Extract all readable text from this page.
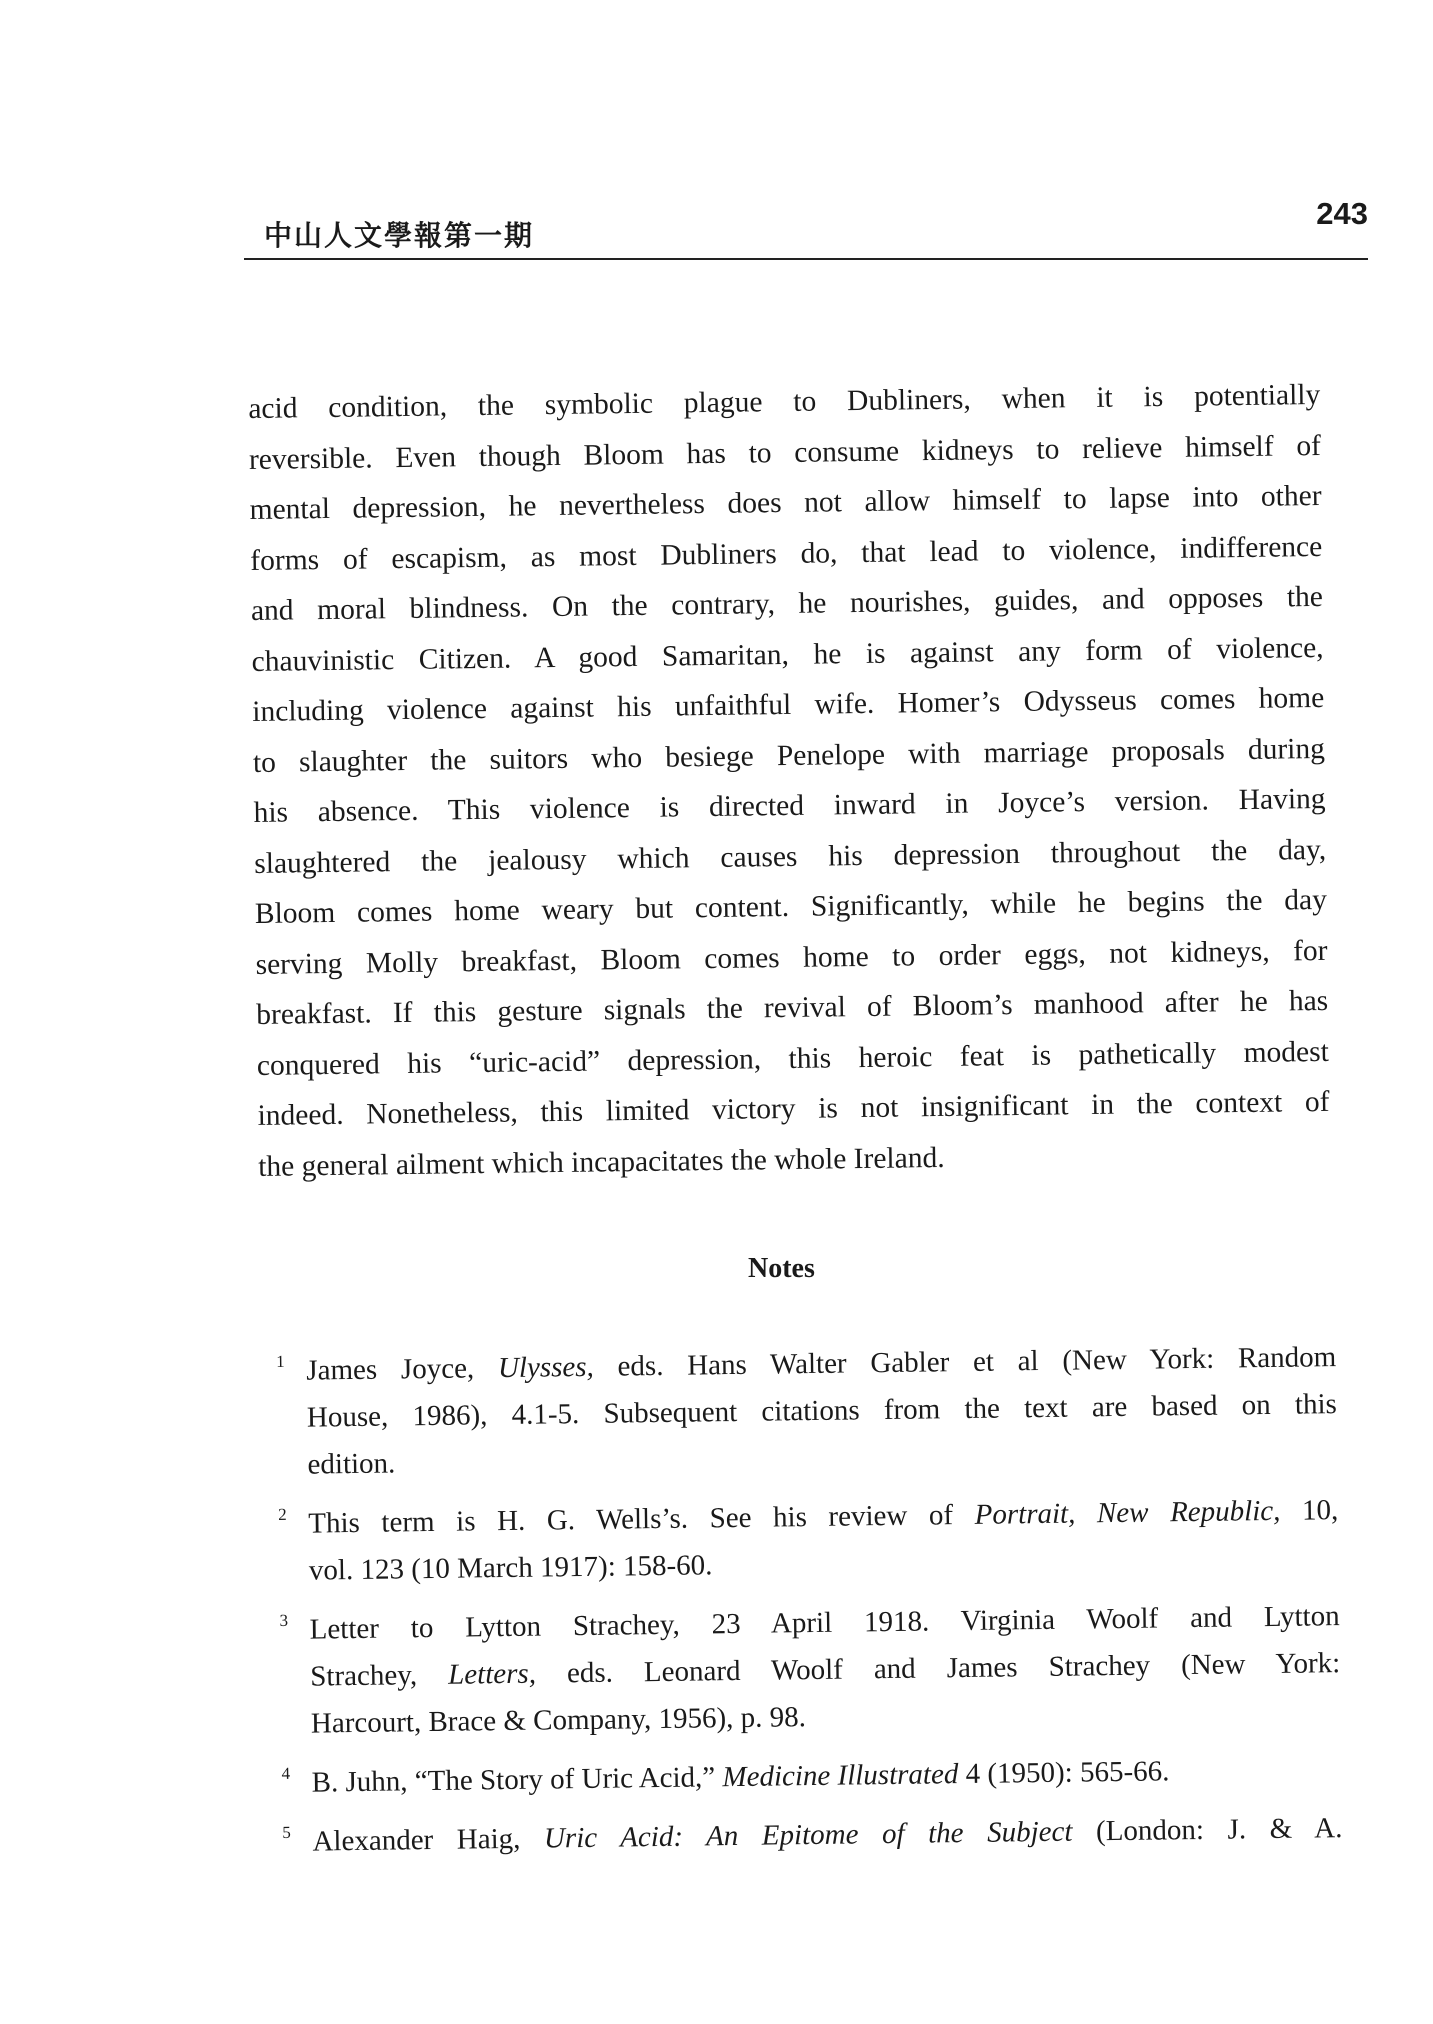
中山人文學報第一期
243
acid condition, the symbolic plague to Dubliners, when it is potentially
reversible. Even though Bloom has to consume kidneys to relieve himself of
mental depression, he nevertheless does not allow himself to lapse into other
forms of escapism, as most Dubliners do, that lead to violence, indifference
and moral blindness. On the contrary, he nourishes, guides, and opposes the
chauvinistic Citizen. A good Samaritan, he is against any form of violence,
including violence against his unfaithful wife. Homer’s Odysseus comes home
to slaughter the suitors who besiege Penelope with marriage proposals during
his absence. This violence is directed inward in Joyce’s version. Having
slaughtered the jealousy which causes his depression throughout the day,
Bloom comes home weary but content. Significantly, while he begins the day
serving Molly breakfast, Bloom comes home to order eggs, not kidneys, for
breakfast. If this gesture signals the revival of Bloom’s manhood after he has
conquered his “uric-acid” depression, this heroic feat is pathetically modest
indeed. Nonetheless, this limited victory is not insignificant in the context of
the general ailment which incapacitates the whole Ireland.
Notes
1 James Joyce, Ulysses, eds. Hans Walter Gabler et al (New York: Random
House, 1986), 4.1-5. Subsequent citations from the text are based on this
edition.
2 This term is H. G. Wells’s. See his review of Portrait, New Republic, 10,
vol. 123 (10 March 1917): 158-60.
3 Letter to Lytton Strachey, 23 April 1918. Virginia Woolf and Lytton
Strachey, Letters, eds. Leonard Woolf and James Strachey (New York:
Harcourt, Brace & Company, 1956), p. 98.
4 B. Juhn, “The Story of Uric Acid,” Medicine Illustrated 4 (1950): 565-66.
5 Alexander Haig, Uric Acid: An Epitome of the Subject (London: J. & A.
